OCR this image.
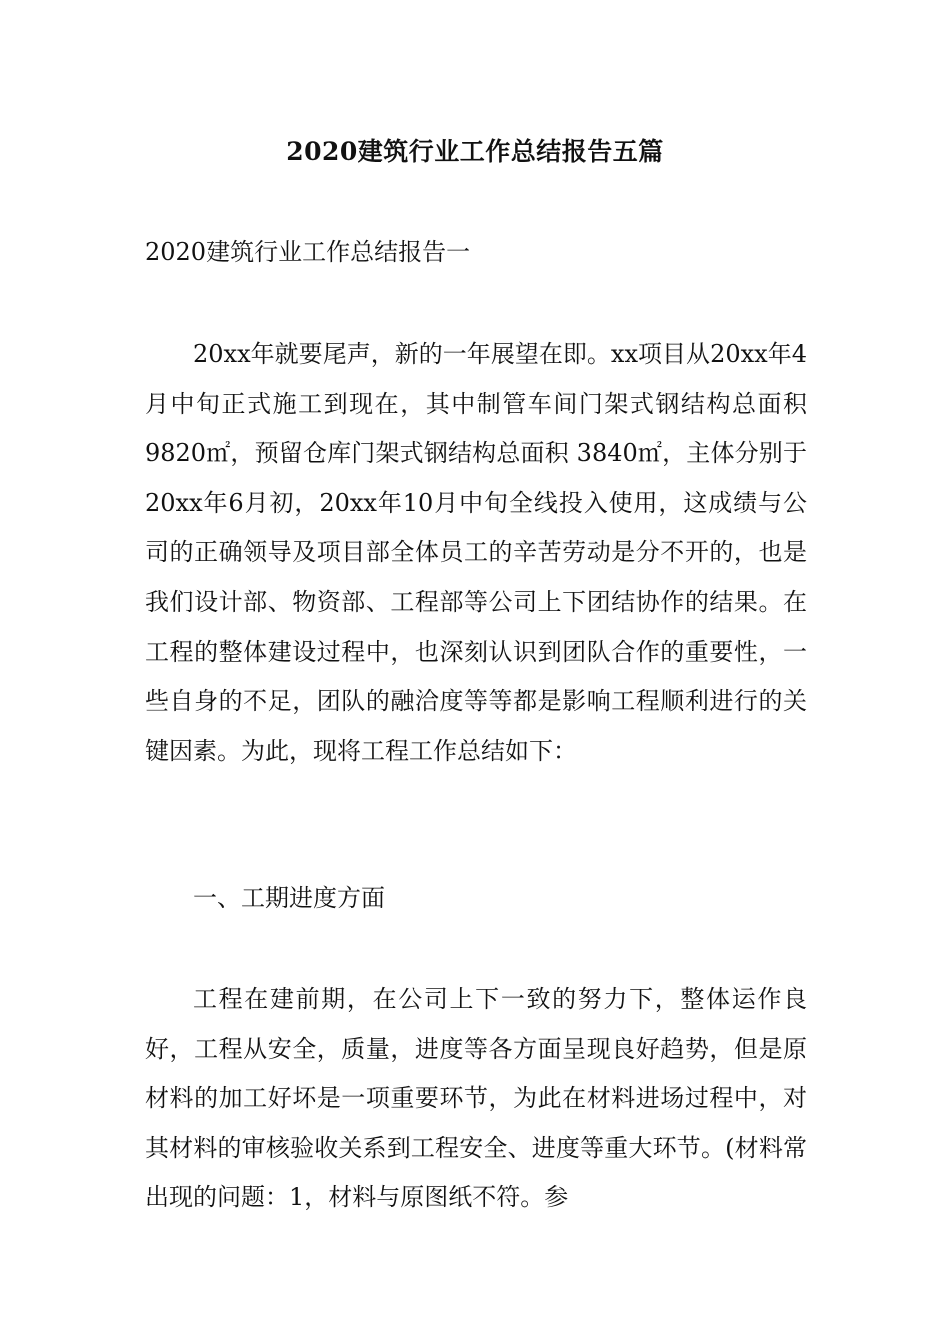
2020建筑行业工作总结报告五篇
2020建筑行业工作总结报告一

20xx年就要尾声，新的一年展望在即。xx项目从20xx年4月中旬正式施工到现在，其中制管车间门架式钢结构总面积 9820㎡，预留仓库门架式钢结构总面积 3840㎡，主体分别于20xx年6月初，20xx年10月中旬全线投入使用，这成绩与公司的正确领导及项目部全体员工的辛苦劳动是分不开的，也是我们设计部、物资部、工程部等公司上下团结协作的结果。在工程的整体建设过程中，也深刻认识到团队合作的重要性，一些自身的不足，团队的融洽度等等都是影响工程顺利进行的关键因素。为此，现将工程工作总结如下：

一、工期进度方面

工程在建前期，在公司上下一致的努力下，整体运作良好，工程从安全，质量，进度等各方面呈现良好趋势，但是原材料的加工好坏是一项重要环节，为此在材料进场过程中，对其材料的审核验收关系到工程安全、进度等重大环节。(材料常出现的问题：1，材料与原图纸不符。参
